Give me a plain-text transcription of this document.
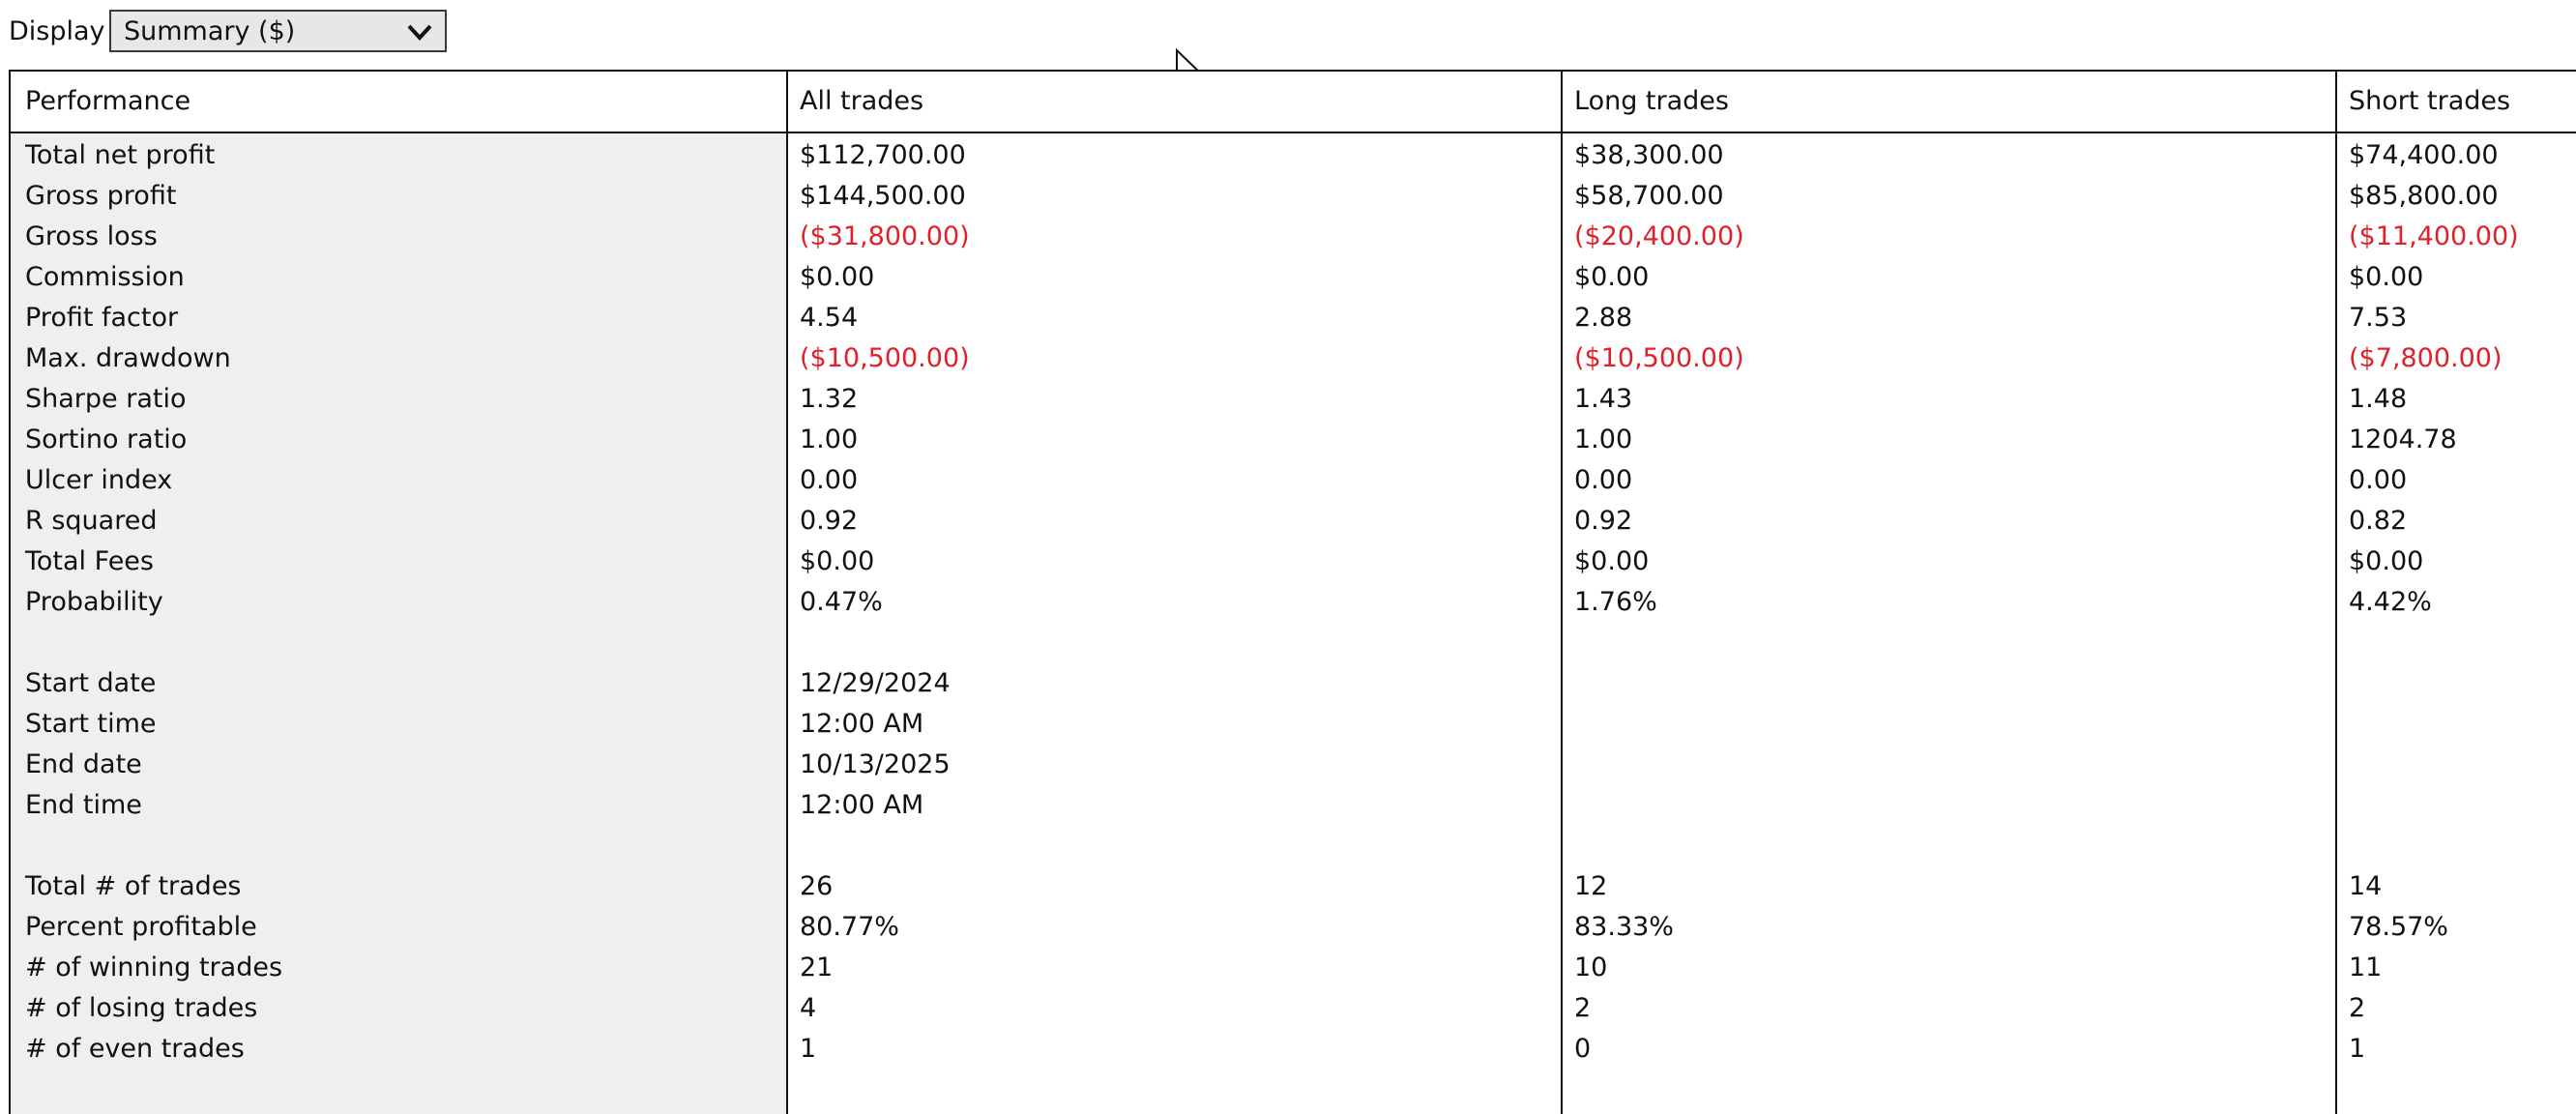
Display Summary ($)
Performance	All trades	Long trades	Short trades
Total net profit	$112,700.00	$38,300.00	$74,400.00
Gross profit	$144,500.00	$58,700.00	$85,800.00
Gross loss	($31,800.00)	($20,400.00)	($11,400.00)
Commission	$0.00	$0.00	$0.00
Profit factor	4.54	2.88	7.53
Max. drawdown	($10,500.00)	($10,500.00)	($7,800.00)
Sharpe ratio	1.32	1.43	1.48
Sortino ratio	1.00	1.00	1204.78
Ulcer index	0.00	0.00	0.00
R squared	0.92	0.92	0.82
Total Fees	$0.00	$0.00	$0.00
Probability	0.47%	1.76%	4.42%
Start date	12/29/2024
Start time	12:00 AM
End date	10/13/2025
End time	12:00 AM
Total # of trades	26	12	14
Percent profitable	80.77%	83.33%	78.57%
# of winning trades	21	10	11
# of losing trades	4	2	2
# of even trades	1	0	1
